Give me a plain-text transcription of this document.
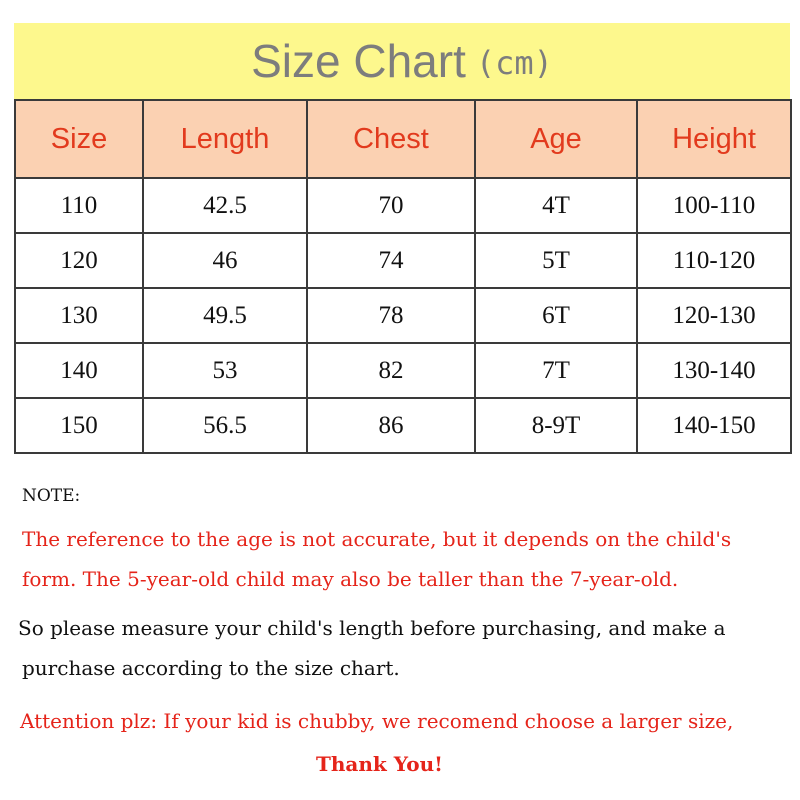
Size Chart (cm)
Size	Length	Chest	Age	Height
110	42.5	70	4T	100-110
120	46	74	5T	110-120
130	49.5	78	6T	120-130
140	53	82	7T	130-140
150	56.5	86	8-9T	140-150
NOTE:
The reference to the age is not accurate, but it depends on the child's
form. The 5-year-old child may also be taller than the 7-year-old.
So please measure your child's length before purchasing, and make a
purchase according to the size chart.
Attention plz: If your kid is chubby, we recomend choose a larger size,
Thank You!
